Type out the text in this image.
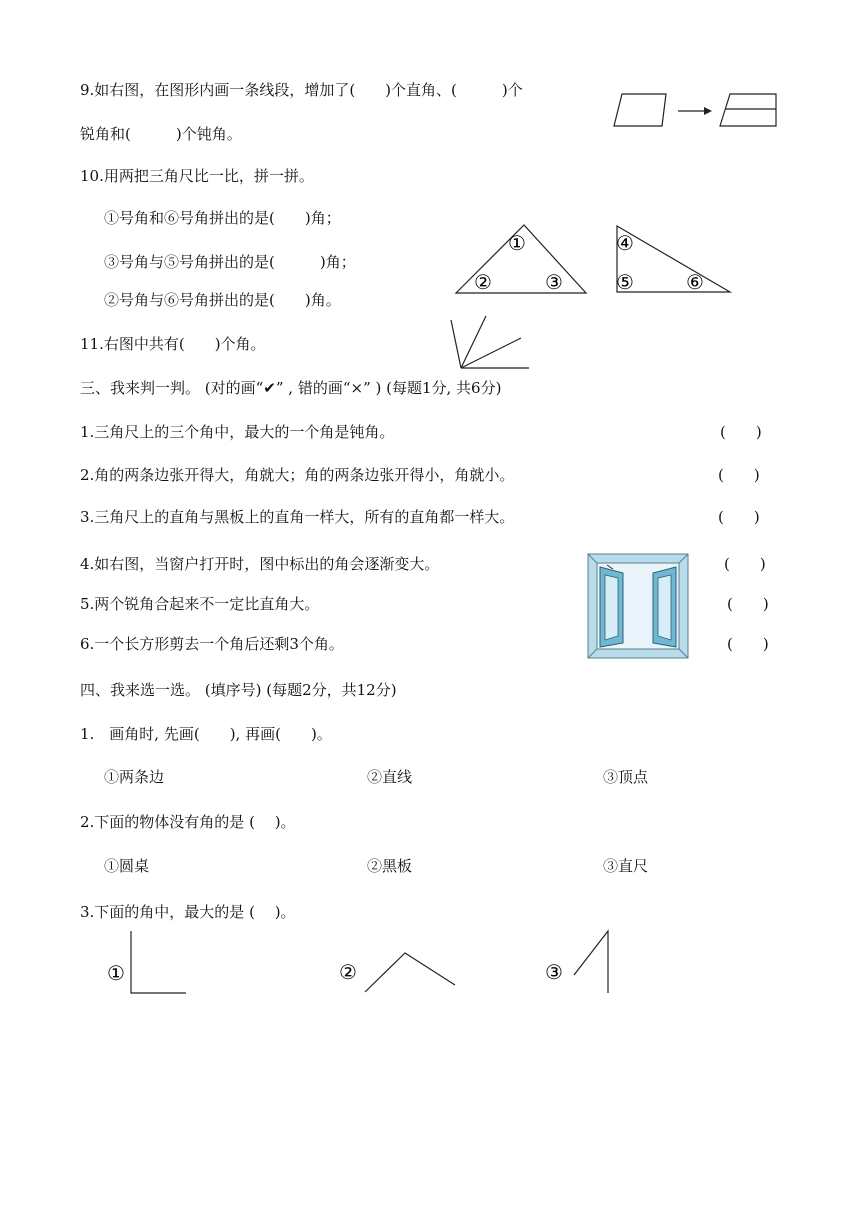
9.如右图，在图形内画一条线段，增加了(　　)个直角、(　　　)个
锐角和(　　　)个钝角。
10.用两把三角尺比一比，拼一拼。
①号角和⑥号角拼出的是(　　)角；
③号角与⑤号角拼出的是(　　　)角；
②号角与⑥号角拼出的是(　　)角。
①
②	③
④
⑤	⑥
11.右图中共有(　　)个角。
三、我来判一判。 (对的画“✔” , 错的画“×” ) (每题1分, 共6分)
1.三角尺上的三个角中，最大的一个角是钝角。	(　　)
2.角的两条边张开得大，角就大；角的两条边张开得小，角就小。	(　　)
3.三角尺上的直角与黑板上的直角一样大，所有的直角都一样大。	(　　)
4.如右图，当窗户打开时，图中标出的角会逐渐变大。	(　　)
5.两个锐角合起来不一定比直角大。	(　　)
6.一个长方形剪去一个角后还剩3个角。	(　　)
四、我来选一选。 (填序号) (每题2分，共12分)
1.　画角时, 先画(　　), 再画(　　)。
①两条边	②直线	③顶点
2.下面的物体没有角的是 (　 )。
①圆桌	②黑板	③直尺
3.下面的角中，最大的是 (　 )。
①	②	③
